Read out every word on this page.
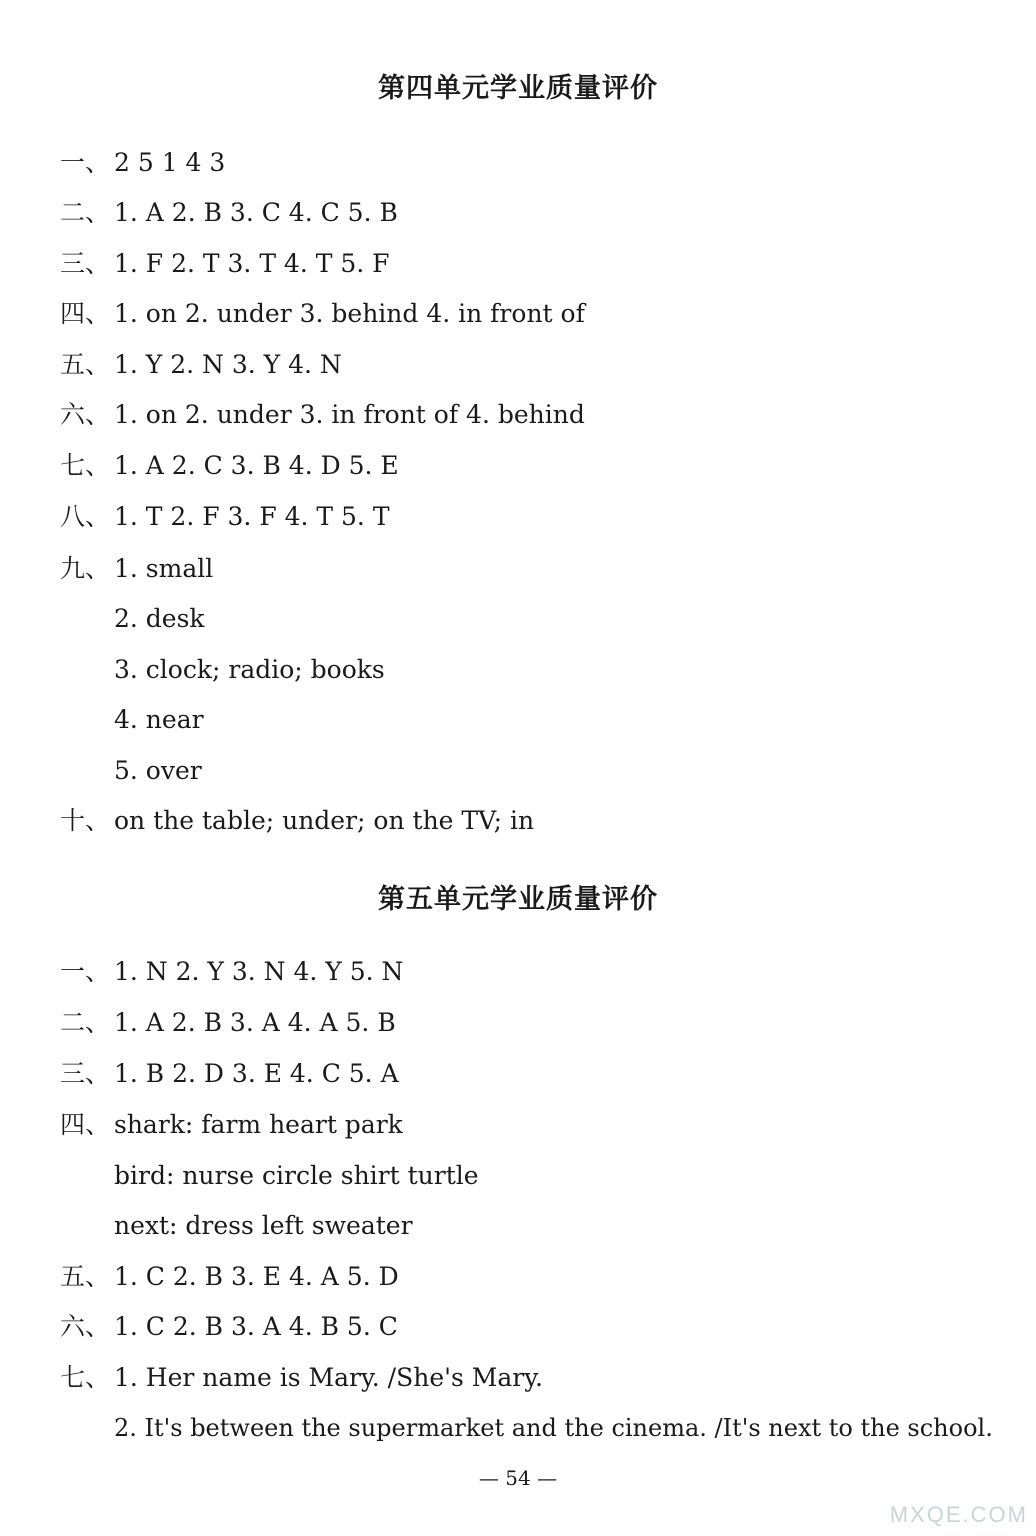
第四单元学业质量评价
一、 2 5 1 4 3
二、 1. A 2. B 3. C 4. C 5. B
三、 1. F 2. T 3. T 4. T 5. F
四、 1. on 2. under 3. behind 4. in front of
五、 1. Y 2. N 3. Y 4. N
六、 1. on 2. under 3. in front of 4. behind
七、 1. A 2. C 3. B 4. D 5. E
八、 1. T 2. F 3. F 4. T 5. T
九、 1. small
2. desk
3. clock; radio; books
4. near
5. over
十、 on the table; under; on the TV; in
第五单元学业质量评价
一、 1. N 2. Y 3. N 4. Y 5. N
二、 1. A 2. B 3. A 4. A 5. B
三、 1. B 2. D 3. E 4. C 5. A
四、 shark: farm heart park
bird: nurse circle shirt turtle
next: dress left sweater
五、 1. C 2. B 3. E 4. A 5. D
六、 1. C 2. B 3. A 4. B 5. C
七、 1. Her name is Mary. /She's Mary.
2. It's between the supermarket and the cinema. /It's next to the school.
— 54 —
MXQE.COM
